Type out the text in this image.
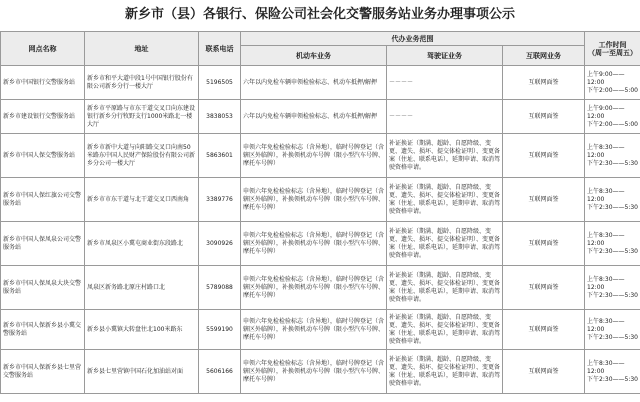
新乡市（县）各银行、保险公司社会化交警服务站业务办理事项公示
网点名称	地址	联系电话	代办业务范围			工作时间
（周一至周五）

			机动车业务	驾驶证业务	互联网业务	
新乡市中国银行交警服务站	新乡市和平大道中段1号中国银行股份有限公司新乡分行一楼大厅	5196505	六年以内免检车辆申领检验标志、机动车抵押/解押	－－－－	互联网面签	上午9:00——12:00
下午2:00——5:00

新乡市建设银行交警服务站	新乡市平原路与市东干道交叉口向东建设银行新乡分行牧野支行1000米路北一楼大厅	3838053	六年以内免检车辆申领检验标志、机动车抵押/解押	－－－－	互联网面签	上午9:00——12:00
下午2:00——5:00

新乡市中国人保交警服务站	新乡市新中大道与向阳路交叉口向南50米路东中国人民财产保险股份有限公司新乡分公司一楼大厅	5863601	申领六年免检检验标志（含异地），临时号牌登记（含辖区外临牌），补换领机动车号牌（限小型汽车号牌、摩托车号牌）	补证换证（期满、超龄、自愿降级、变更、遗失、损坏、提交体检证明）、变更备案（住址、联系电话），延期申请、取消驾驶资格申请。	互联网面签	上午8:30——12:00
下午2:30——5:30

新乡市中国人保红旗公司交警服务站	新乡市市东干道与北干道交叉口西南角	3389776	申领六年免检检验标志（含异地），临时号牌登记（含辖区外临牌），补换领机动车号牌（限小型汽车号牌、摩托车号牌）	补证换证（期满、超龄、自愿降级、变更、遗失、损坏、提交体检证明）、变更备案（住址、联系电话），延期申请、取消驾驶资格申请。	互联网面签	上午8:30——12:00
下午2:30——5:30

新乡市中国人保凤泉公司交警服务站	新乡市凤泉区小冀屯商业街东段路北	3090926	申领六年免检检验标志（含异地），临时号牌登记（含辖区外临牌），补换领机动车号牌（限小型汽车号牌、摩托车号牌）	补证换证（期满、超龄、自愿降级、变更、遗失、损坏、提交体检证明）、变更备案（住址、联系电话），延期申请、取消驾驶资格申请。	互联网面签	上午8:30——12:00
下午2:30——5:30

新乡市中国人保凤泉大块交警服务站	凤泉区新务路北原庄村路口北	5789088	申领六年免检检验标志（含异地），临时号牌登记（含辖区外临牌），补换领机动车号牌（限小型汽车号牌、摩托车号牌）	补证换证（期满、超龄、自愿降级、变更、遗失、损坏、提交体检证明）、变更备案（住址、联系电话），延期申请、取消驾驶资格申请。	互联网面签	上午8:30——12:00
下午2:30——5:30

新乡市中国人保新乡县小冀交警服务站	新乡县小冀镇大转盘往北100米路东	5599190	申领六年免检检验标志（含异地），临时号牌登记（含辖区外临牌），补换领机动车号牌（限小型汽车号牌、摩托车号牌）	补证换证（期满、超龄、自愿降级、变更、遗失、损坏、提交体检证明）、变更备案（住址、联系电话），延期申请、取消驾驶资格申请。	互联网面签	上午8:30——12:00
下午2:30——5:30

新乡市中国人保新乡县七里营交警服务站	新乡县七里营镇中国石化加油站对面	5606166	申领六年免检检验标志（含异地），临时号牌登记（含辖区外临牌），补换领机动车号牌（限小型汽车号牌、摩托车号牌）	补证换证（期满、超龄、自愿降级、变更、遗失、损坏、提交体检证明）、变更备案（住址、联系电话），延期申请、取消驾驶资格申请。	互联网面签	上午8:30——12:00
下午2:30——5:30
